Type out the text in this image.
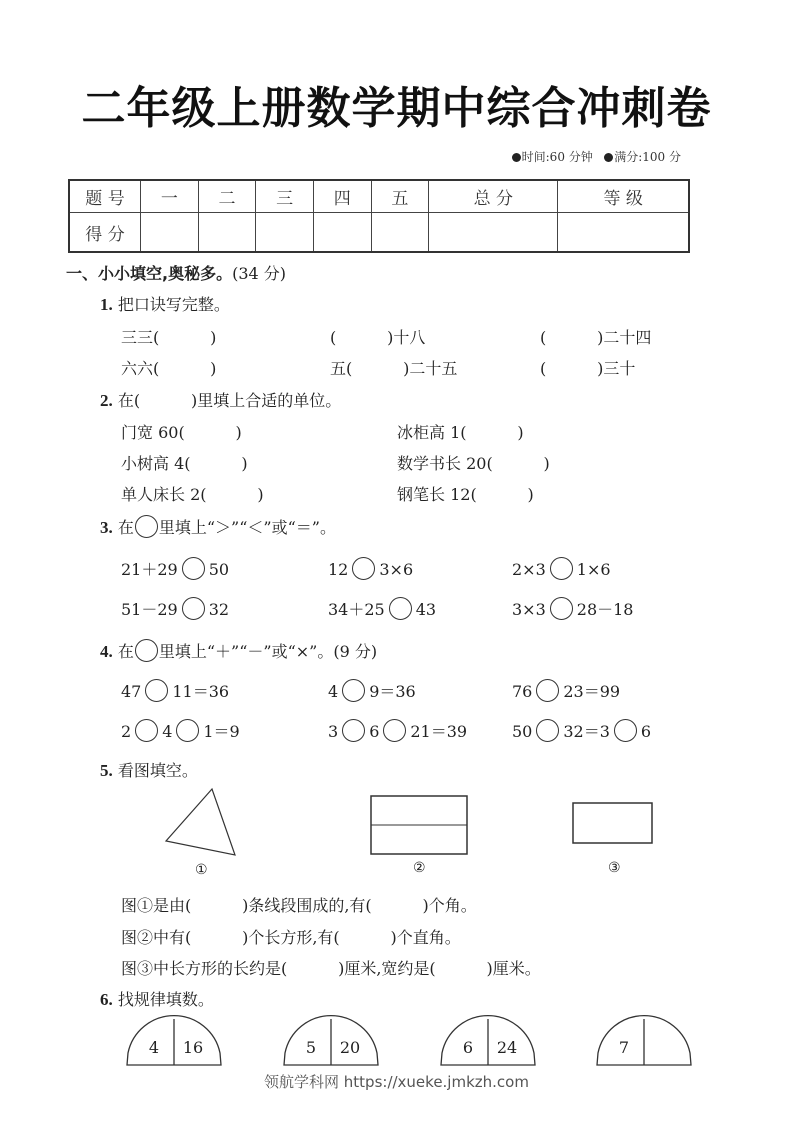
二年级上册数学期中综合冲刺卷
时间:60 分钟 满分:100 分
题 号	一	二	三	四	五	总 分	等 级
得 分							
一、小小填空,奥秘多。(34 分)
1. 把口诀写完整。
三三(          )	(          )十八	(          )二十四
六六(          )	五(          )二十五	(          )三十
2. 在(          )里填上合适的单位。
门宽 60(          )	冰柜高 1(          )
小树高 4(          )	数学书长 20(          )
单人床长 2(          )	钢笔长 12(          )
3. 在 里填上“＞”“＜”或“＝”。
21＋29 50	12 3×6	2×3 1×6
51－29 32	34＋25 43	3×3 28－18
4. 在 里填上“＋”“－”或“×”。(9 分)
47 11＝36	4 9＝36	76 23＝99
2 4 1＝9	3 6 21＝39	50 32＝3 6
5. 看图填空。
①	②	③
图①是由(          )条线段围成的,有(          )个角。
图②中有(          )个长方形,有(          )个直角。
图③中长方形的长约是(          )厘米,宽约是(          )厘米。
6. 找规律填数。
4	16	5	20	6	24	7
领航学科网 https://xueke.jmkzh.com
